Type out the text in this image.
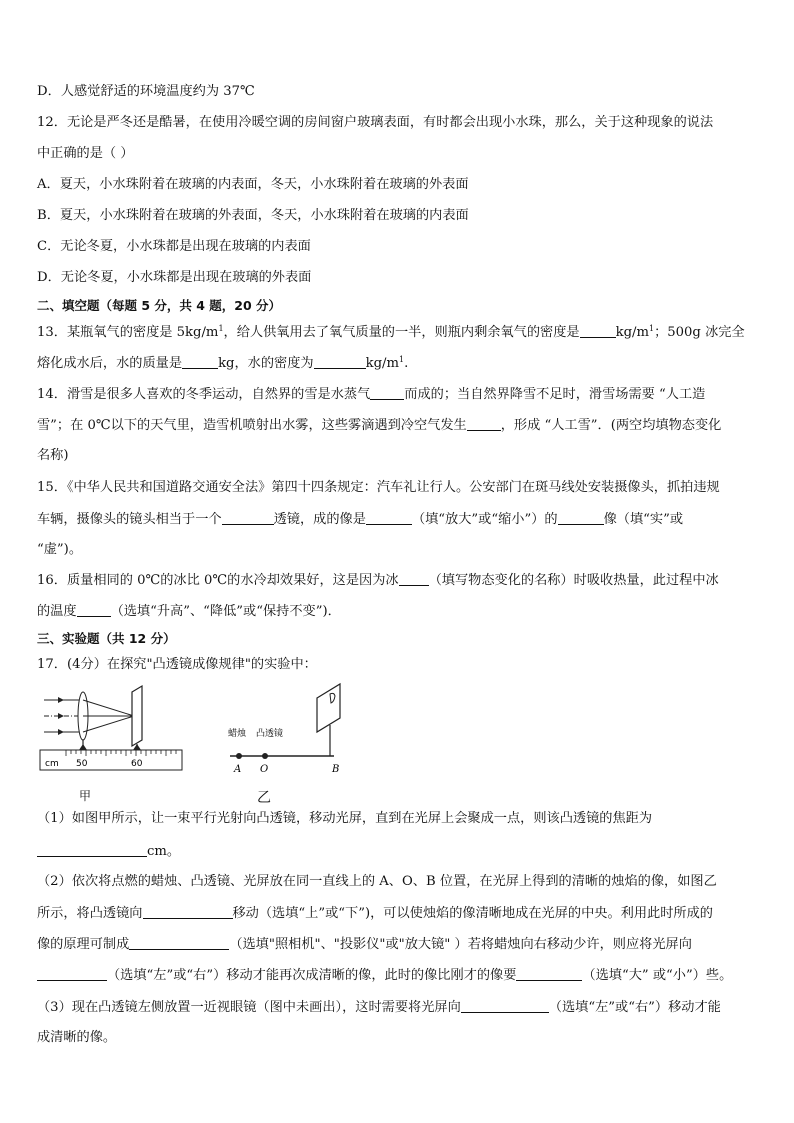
D．人感觉舒适的环境温度约为 37℃
12．无论是严冬还是酷暑，在使用冷暖空调的房间窗户玻璃表面，有时都会出现小水珠，那么，关于这种现象的说法
中正确的是（ ）
A．夏天，小水珠附着在玻璃的内表面，冬天，小水珠附着在玻璃的外表面
B．夏天，小水珠附着在玻璃的外表面，冬天，小水珠附着在玻璃的内表面
C．无论冬夏，小水珠都是出现在玻璃的内表面
D．无论冬夏，小水珠都是出现在玻璃的外表面
二、填空题（每题 5 分，共 4 题，20 分）
13．某瓶氧气的密度是 $5kg/m^1$，给人供氧用去了氧气质量的一半，则瓶内剩余氧气的密度是	$kg/m^1$；500g 冰完全
熔化成水后，水的质量是	kg，水的密度为	$kg/m^1$.
14．滑雪是很多人喜欢的冬季运动，自然界的雪是水蒸气	而成的；当自然界降雪不足时，滑雪场需要 “人工造
雪”；在 0℃以下的天气里，造雪机喷射出水雾，这些雾滴遇到冷空气发生	，形成 “人工雪”．(两空均填物态变化
名称)
15．《中华人民共和国道路交通安全法》第四十四条规定：汽车礼让行人。公安部门在斑马线处安装摄像头，抓拍违规
车辆，摄像头的镜头相当于一个	透镜，成的像是	（填“放大”或“缩小”）的	像（填“实”或
“虚”)。
16．质量相同的 0℃的冰比 0℃的水冷却效果好，这是因为冰 （填写物态变化的名称）时吸收热量，此过程中冰
的温度	（选填“升高”、“降低”或“保持不变”)．
三、实验题（共 12 分）
17．(4分）在探究"凸透镜成像规律"的实验中：
cm 50	60
甲
蜡烛 凸透镜
A O	B
乙
（1）如图甲所示，让一束平行光射向凸透镜，移动光屏，直到在光屏上会聚成一点，则该凸透镜的焦距为
cm。
（2）依次将点燃的蜡烛、凸透镜、光屏放在同一直线上的 A、O、B 位置，在光屏上得到的清晰的烛焰的像，如图乙
所示，将凸透镜向	移动（选填“上”或“下”)，可以使烛焰的像清晰地成在光屏的中央。利用此时所成的
像的原理可制成	（选填"照相机"、"投影仪"或"放大镜" ）若将蜡烛向右移动少许，则应将光屏向
（选填“左”或“右”）移动才能再次成清晰的像，此时的像比刚才的像要	（选填“大” 或“小”）些。
（3）现在凸透镜左侧放置一近视眼镜（图中未画出），这时需要将光屏向	（选填“左”或“右”）移动才能
成清晰的像。
